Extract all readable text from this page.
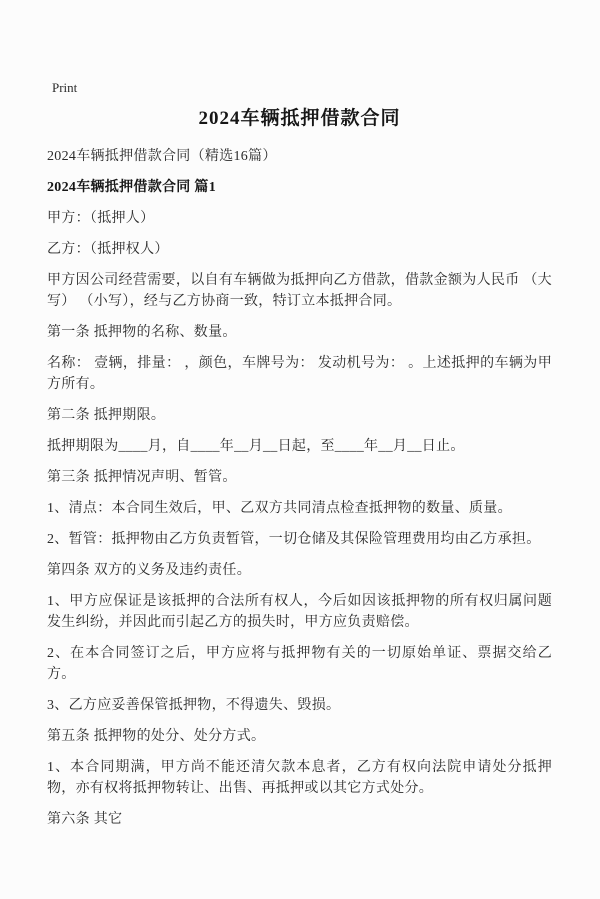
Print
2024车辆抵押借款合同

2024车辆抵押借款合同（精选16篇）

2024车辆抵押借款合同 篇1

甲方：（抵押人）

乙方：（抵押权人）

甲方因公司经营需要，以自有车辆做为抵押向乙方借款，借款金额为人民币 （大写） （小写），经与乙方协商一致，特订立本抵押合同。

第一条 抵押物的名称、数量。

名称： 壹辆，排量： ，颜色，车牌号为： 发动机号为： 。上述抵押的车辆为甲方所有。

第二条 抵押期限。

抵押期限为____月，自____年__月__日起，至____年__月__日止。

第三条 抵押情况声明、暂管。

1、清点：本合同生效后，甲、乙双方共同清点检查抵押物的数量、质量。

2、暂管：抵押物由乙方负责暂管，一切仓储及其保险管理费用均由乙方承担。

第四条 双方的义务及违约责任。

1、甲方应保证是该抵押的合法所有权人，今后如因该抵押物的所有权归属问题发生纠纷，并因此而引起乙方的损失时，甲方应负责赔偿。

2、在本合同签订之后，甲方应将与抵押物有关的一切原始单证、票据交给乙方。

3、乙方应妥善保管抵押物，不得遗失、毁损。

第五条 抵押物的处分、处分方式。

1、本合同期满，甲方尚不能还清欠款本息者，乙方有权向法院申请处分抵押物，亦有权将抵押物转让、出售、再抵押或以其它方式处分。

第六条 其它
